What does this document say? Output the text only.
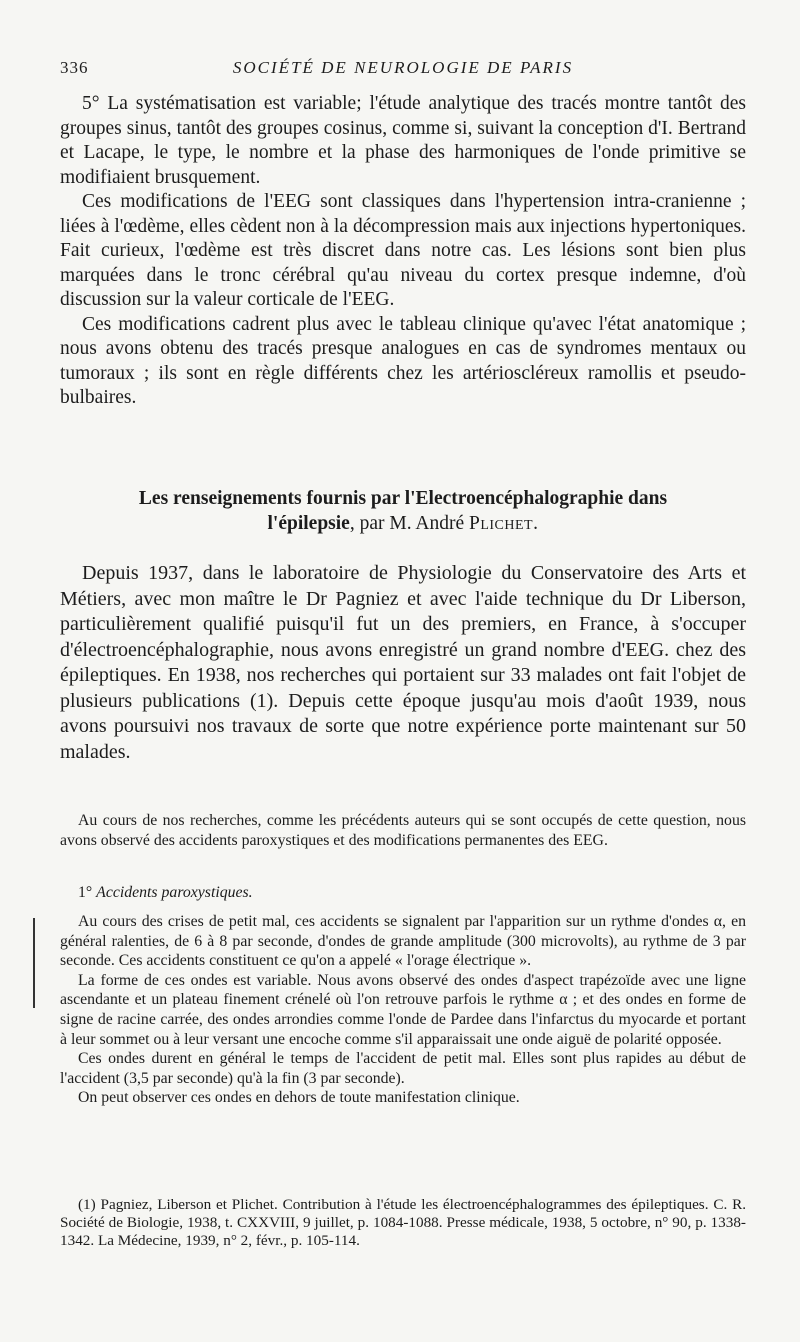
336	SOCIÉTÉ DE NEUROLOGIE DE PARIS

5° La systématisation est variable; l'étude analytique des tracés montre tantôt des groupes sinus, tantôt des groupes cosinus, comme si, suivant la conception d'I. Bertrand et Lacape, le type, le nombre et la phase des harmoniques de l'onde primitive se modifiaient brusquement.

Ces modifications de l'EEG sont classiques dans l'hypertension intra-cranienne ; liées à l'œdème, elles cèdent non à la décompression mais aux injections hypertoniques. Fait curieux, l'œdème est très discret dans notre cas. Les lésions sont bien plus marquées dans le tronc cérébral qu'au niveau du cortex presque indemne, d'où discussion sur la valeur corticale de l'EEG.

Ces modifications cadrent plus avec le tableau clinique qu'avec l'état anatomique ; nous avons obtenu des tracés presque analogues en cas de syndromes mentaux ou tumoraux ; ils sont en règle différents chez les artérioscléreux ramollis et pseudo-bulbaires.

Les renseignements fournis par l'Electroencéphalographie dans
l'épilepsie, par M. André Plichet.

Depuis 1937, dans le laboratoire de Physiologie du Conservatoire des Arts et Métiers, avec mon maître le Dr Pagniez et avec l'aide technique du Dr Liberson, particulièrement qualifié puisqu'il fut un des premiers, en France, à s'occuper d'électroencéphalographie, nous avons enregistré un grand nombre d'EEG. chez des épileptiques. En 1938, nos recherches qui portaient sur 33 malades ont fait l'objet de plusieurs publications (1). Depuis cette époque jusqu'au mois d'août 1939, nous avons poursuivi nos travaux de sorte que notre expérience porte maintenant sur 50 malades.

Au cours de nos recherches, comme les précédents auteurs qui se sont occupés de cette question, nous avons observé des accidents paroxystiques et des modifications permanentes des EEG.

1° Accidents paroxystiques.

Au cours des crises de petit mal, ces accidents se signalent par l'apparition sur un rythme d'ondes α, en général ralenties, de 6 à 8 par seconde, d'ondes de grande amplitude (300 microvolts), au rythme de 3 par seconde. Ces accidents constituent ce qu'on a appelé « l'orage électrique ».

La forme de ces ondes est variable. Nous avons observé des ondes d'aspect trapézoïde avec une ligne ascendante et un plateau finement crénelé où l'on retrouve parfois le rythme α ; et des ondes en forme de signe de racine carrée, des ondes arrondies comme l'onde de Pardee dans l'infarctus du myocarde et portant à leur sommet ou à leur versant une encoche comme s'il apparaissait une onde aiguë de polarité opposée.

Ces ondes durent en général le temps de l'accident de petit mal. Elles sont plus rapides au début de l'accident (3,5 par seconde) qu'à la fin (3 par seconde).

On peut observer ces ondes en dehors de toute manifestation clinique.

(1) Pagniez, Liberson et Plichet. Contribution à l'étude les électroencéphalogrammes des épileptiques. C. R. Société de Biologie, 1938, t. CXXVIII, 9 juillet, p. 1084-1088. Presse médicale, 1938, 5 octobre, n° 90, p. 1338-1342. La Médecine, 1939, n° 2, févr., p. 105-114.
